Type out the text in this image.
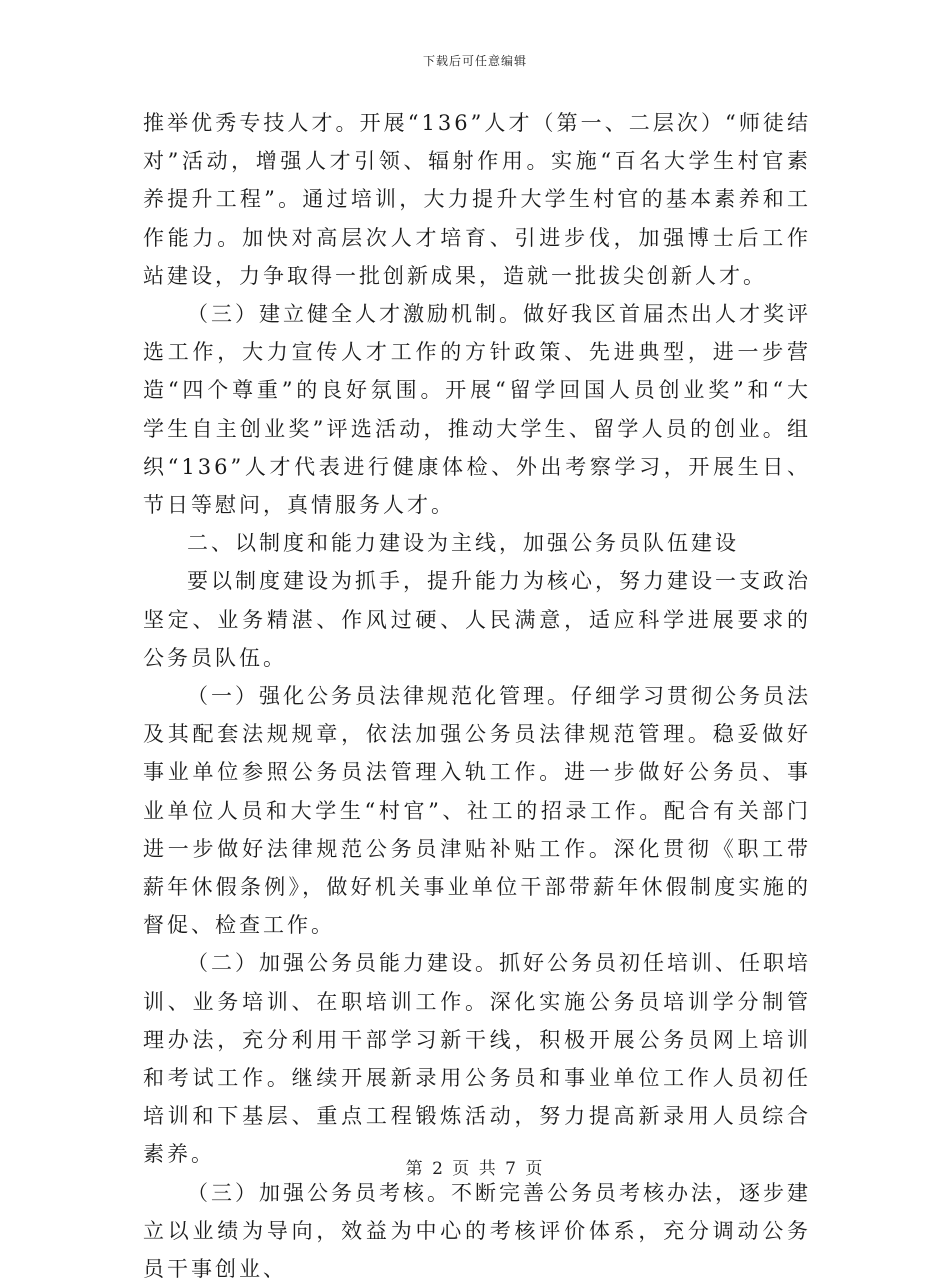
下载后可任意编辑

推举优秀专技人才。开展“136”人才（第一、二层次）“师徒结对”活动，增强人才引领、辐射作用。实施“百名大学生村官素养提升工程”。通过培训，大力提升大学生村官的基本素养和工作能力。加快对高层次人才培育、引进步伐，加强博士后工作站建设，力争取得一批创新成果，造就一批拔尖创新人才。

（三）建立健全人才激励机制。做好我区首届杰出人才奖评选工作，大力宣传人才工作的方针政策、先进典型，进一步营造“四个尊重”的良好氛围。开展“留学回国人员创业奖”和“大学生自主创业奖”评选活动，推动大学生、留学人员的创业。组织“136”人才代表进行健康体检、外出考察学习，开展生日、节日等慰问，真情服务人才。

二、以制度和能力建设为主线，加强公务员队伍建设

要以制度建设为抓手，提升能力为核心，努力建设一支政治坚定、业务精湛、作风过硬、人民满意，适应科学进展要求的公务员队伍。

（一）强化公务员法律规范化管理。仔细学习贯彻公务员法及其配套法规规章，依法加强公务员法律规范管理。稳妥做好事业单位参照公务员法管理入轨工作。进一步做好公务员、事业单位人员和大学生“村官”、社工的招录工作。配合有关部门进一步做好法律规范公务员津贴补贴工作。深化贯彻《职工带薪年休假条例》，做好机关事业单位干部带薪年休假制度实施的督促、检查工作。

（二）加强公务员能力建设。抓好公务员初任培训、任职培训、业务培训、在职培训工作。深化实施公务员培训学分制管理办法，充分利用干部学习新干线，积极开展公务员网上培训和考试工作。继续开展新录用公务员和事业单位工作人员初任培训和下基层、重点工程锻炼活动，努力提高新录用人员综合素养。

（三）加强公务员考核。不断完善公务员考核办法，逐步建立以业绩为导向，效益为中心的考核评价体系，充分调动公务员干事创业、

第 2 页 共 7 页
